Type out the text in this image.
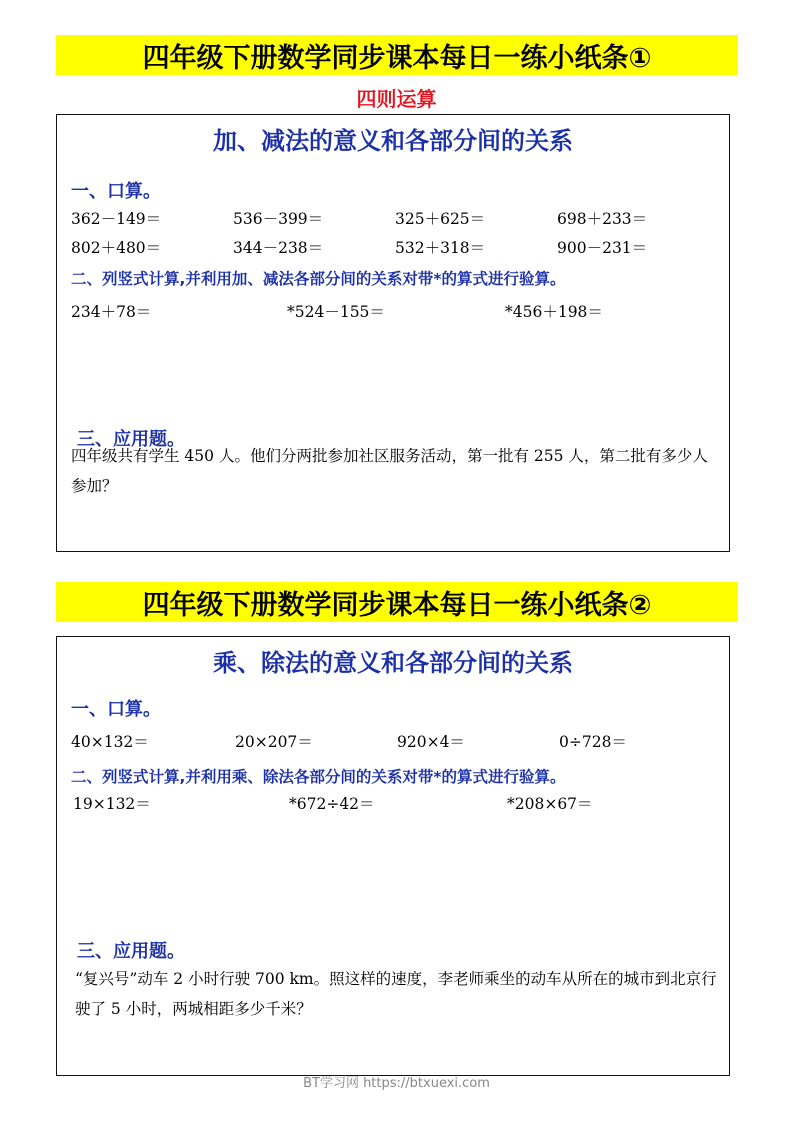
四年级下册数学同步课本每日一练小纸条①
四则运算
加、减法的意义和各部分间的关系
一、口算。
362－149＝	536－399＝	325＋625＝	698＋233＝
802＋480＝	344－238＝	532＋318＝	900－231＝
二、列竖式计算,并利用加、减法各部分间的关系对带*的算式进行验算。
234＋78＝	*524－155＝	*456＋198＝
三、应用题。
四年级共有学生 450 人。他们分两批参加社区服务活动，第一批有 255 人，第二批有多少人参加？
四年级下册数学同步课本每日一练小纸条②
乘、除法的意义和各部分间的关系
一、口算。
40×132＝	20×207＝	920×4＝	0÷728＝
二、列竖式计算,并利用乘、除法各部分间的关系对带*的算式进行验算。
19×132＝	*672÷42＝	*208×67＝
三、应用题。
“复兴号”动车 2 小时行驶 700 km。照这样的速度，李老师乘坐的动车从所在的城市到北京行驶了 5 小时，两城相距多少千米？
BT学习网 https://btxuexi.com
